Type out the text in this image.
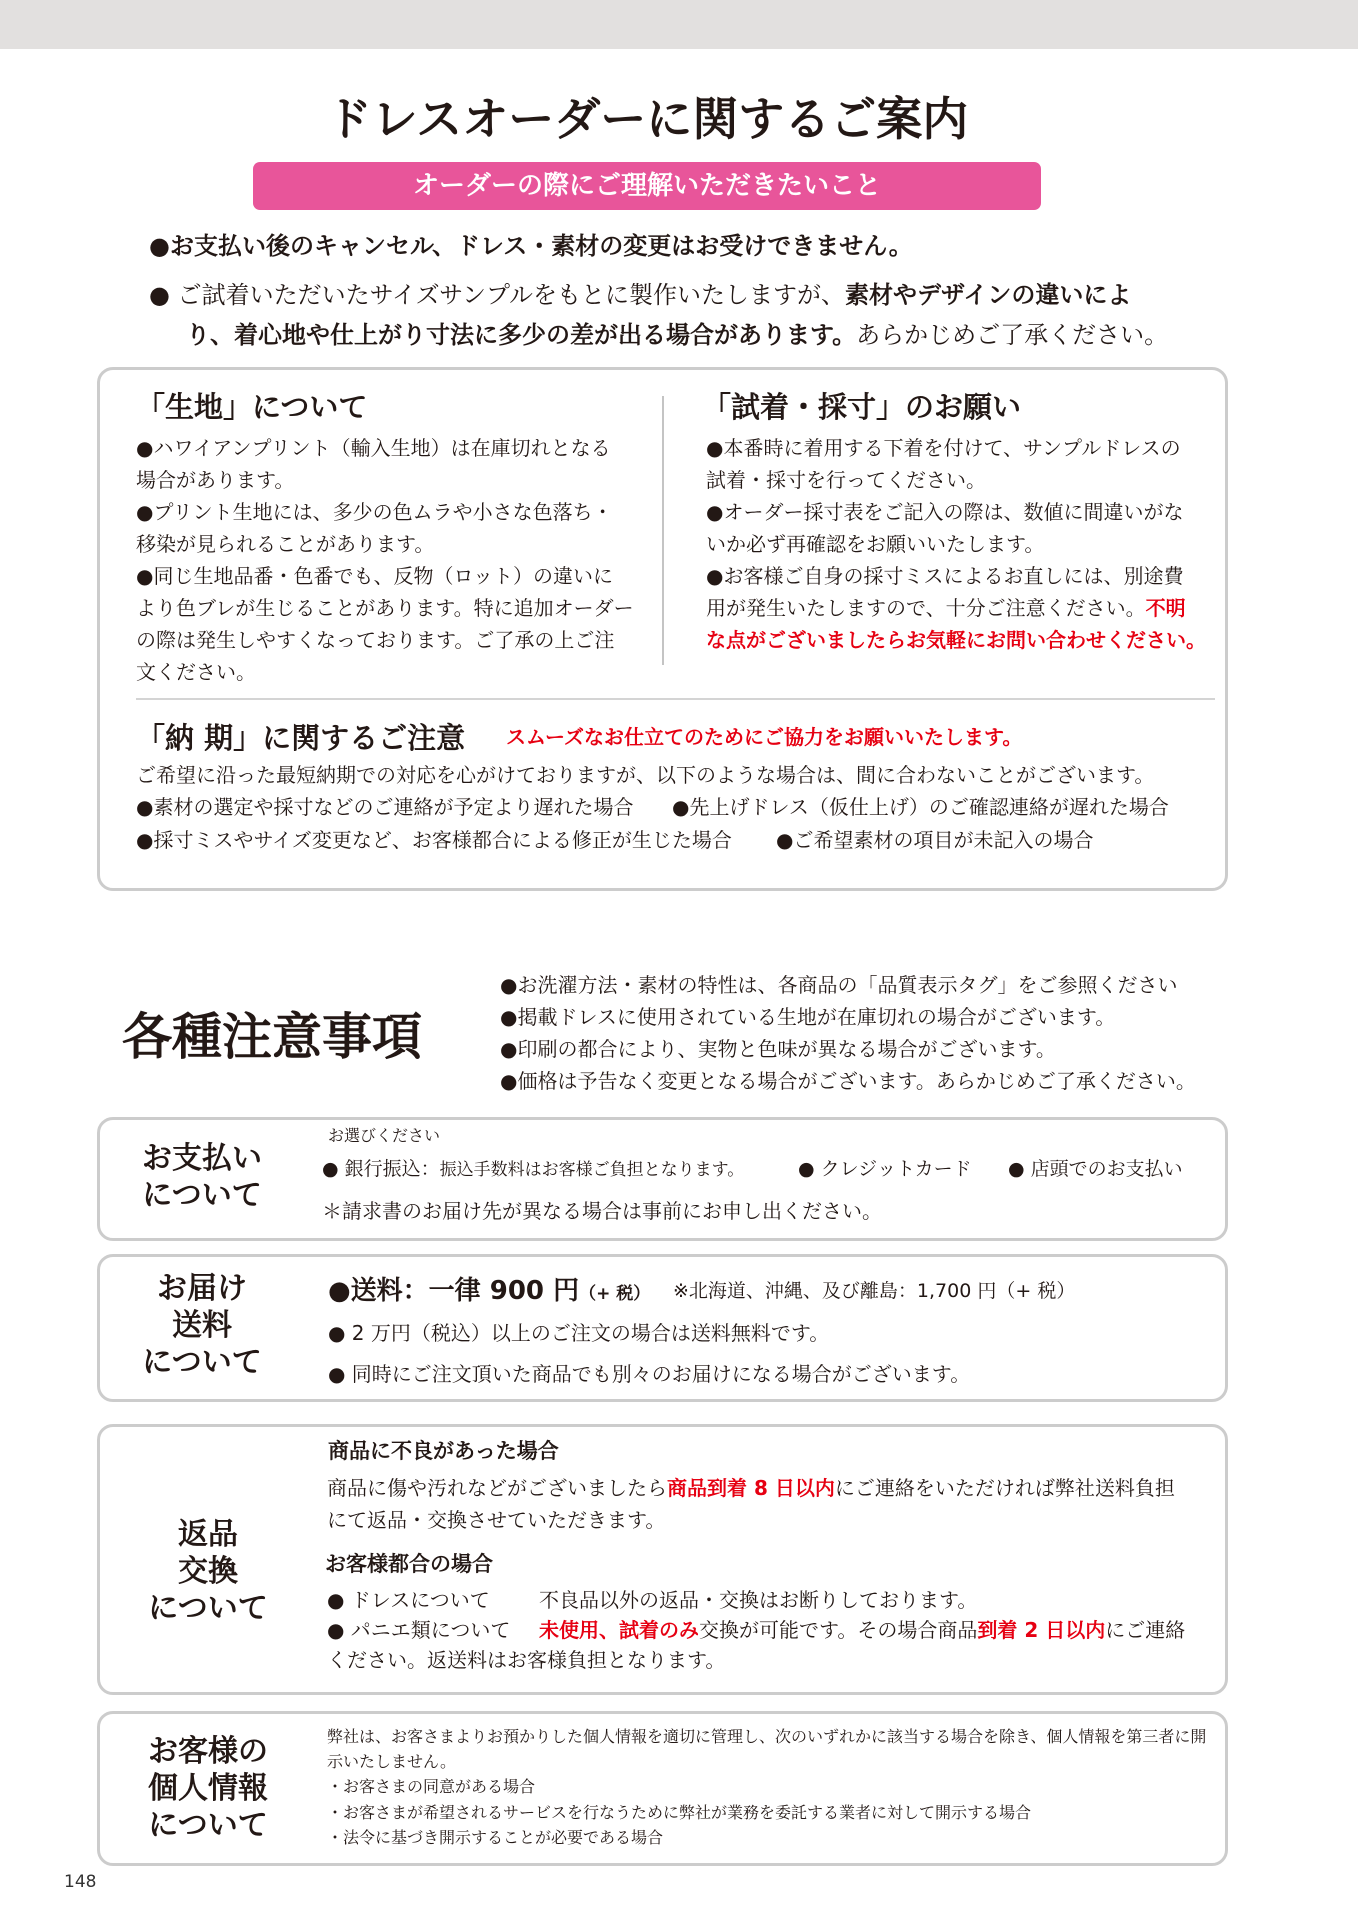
ドレスオーダーに関するご案内
オーダーの際にご理解いただきたいこと
●お支払い後のキャンセル、ドレス・素材の変更はお受けできません。
● ご試着いただいたサイズサンプルをもとに製作いたしますが、素材やデザインの違いによ
り、着心地や仕上がり寸法に多少の差が出る場合があります。あらかじめご了承ください。
「生地」について
●ハワイアンプリント（輸入生地）は在庫切れとなる
場合があります。
●プリント生地には、多少の色ムラや小さな色落ち・
移染が見られることがあります。
●同じ生地品番・色番でも、反物（ロット）の違いに
より色ブレが生じることがあります。特に追加オーダー
の際は発生しやすくなっております。ご了承の上ご注
文ください。
「試着・採寸」のお願い
●本番時に着用する下着を付けて、サンプルドレスの
試着・採寸を行ってください。
●オーダー採寸表をご記入の際は、数値に間違いがな
いか必ず再確認をお願いいたします。
●お客様ご自身の採寸ミスによるお直しには、別途費
用が発生いたしますので、十分ご注意ください。不明
な点がございましたらお気軽にお問い合わせください。
「納 期」に関するご注意 スムーズなお仕立てのためにご協力をお願いいたします。
ご希望に沿った最短納期での対応を心がけておりますが、以下のような場合は、間に合わないことがございます。
●素材の選定や採寸などのご連絡が予定より遅れた場合 ●先上げドレス（仮仕上げ）のご確認連絡が遅れた場合
●採寸ミスやサイズ変更など、お客様都合による修正が生じた場合 ●ご希望素材の項目が未記入の場合
各種注意事項
●お洗濯方法・素材の特性は、各商品の「品質表示タグ」をご参照ください
●掲載ドレスに使用されている生地が在庫切れの場合がございます。
●印刷の都合により、実物と色味が異なる場合がございます。
●価格は予告なく変更となる場合がございます。あらかじめご了承ください。
お支払い
について
お選びください
● 銀行振込：振込手数料はお客様ご負担となります。	● クレジットカード ● 店頭でのお支払い
＊請求書のお届け先が異なる場合は事前にお申し出ください。
お届け
送料
について
●送料：一律 900 円（+ 税） ※北海道、沖縄、及び離島：1,700 円（+ 税）
● 2 万円（税込）以上のご注文の場合は送料無料です。
● 同時にご注文頂いた商品でも別々のお届けになる場合がございます。
返品
交換
について
商品に不良があった場合
商品に傷や汚れなどがございましたら商品到着 8 日以内にご連絡をいただければ弊社送料負担
にて返品・交換させていただきます。
お客様都合の場合
● ドレスについて 不良品以外の返品・交換はお断りしております。
● パニエ類について 未使用、試着のみ交換が可能です。その場合商品到着 2 日以内にご連絡
ください。返送料はお客様負担となります。
お客様の
個人情報
について
弊社は、お客さまよりお預かりした個人情報を適切に管理し、次のいずれかに該当する場合を除き、個人情報を第三者に開
示いたしません。
・お客さまの同意がある場合
・お客さまが希望されるサービスを行なうために弊社が業務を委託する業者に対して開示する場合
・法令に基づき開示することが必要である場合
148
